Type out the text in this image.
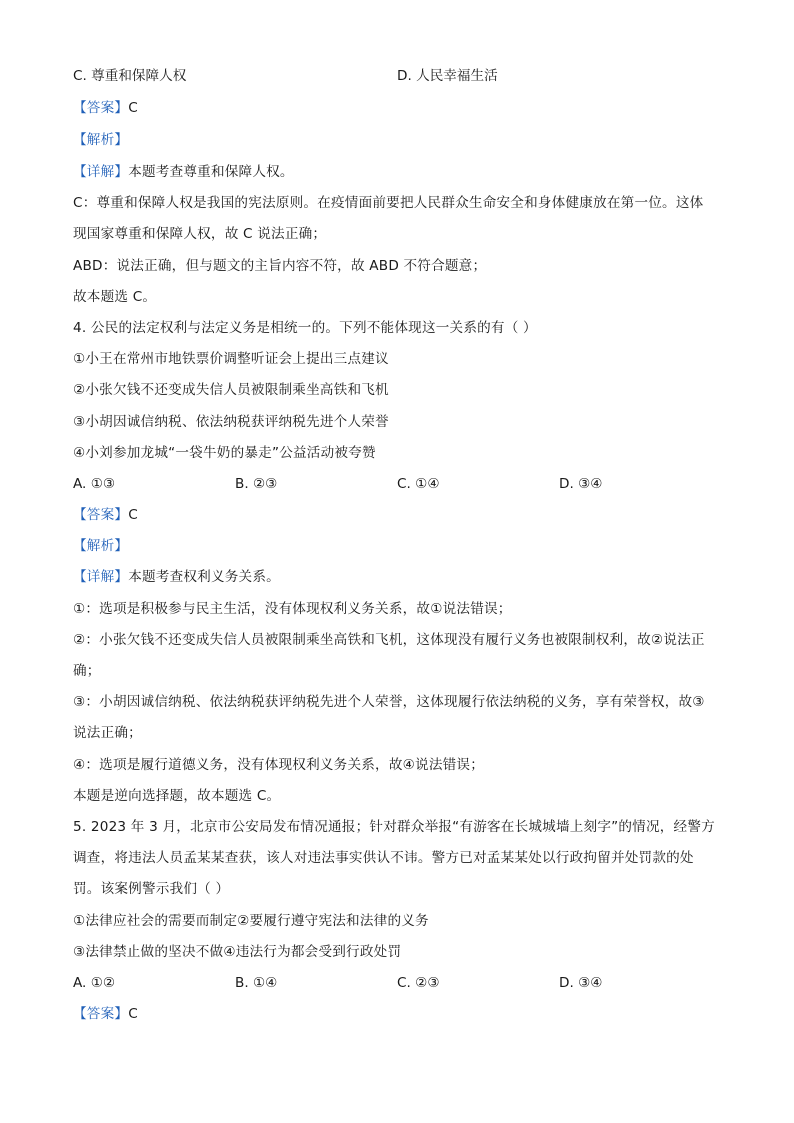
C. 尊重和保障人权	D. 人民幸福生活
【答案】C
【解析】
【详解】本题考查尊重和保障人权。
C：尊重和保障人权是我国的宪法原则。在疫情面前要把人民群众生命安全和身体健康放在第一位。这体
现国家尊重和保障人权，故 C 说法正确；
ABD：说法正确，但与题文的主旨内容不符，故 ABD 不符合题意；
故本题选 C。
4. 公民的法定权利与法定义务是相统一的。下列不能体现这一关系的有（ ）
①小王在常州市地铁票价调整听证会上提出三点建议
②小张欠钱不还变成失信人员被限制乘坐高铁和飞机
③小胡因诚信纳税、依法纳税获评纳税先进个人荣誉
④小刘参加龙城“一袋牛奶的暴走”公益活动被夸赞
A. ①③	B. ②③	C. ①④	D. ③④
【答案】C
【解析】
【详解】本题考查权利义务关系。
①：选项是积极参与民主生活，没有体现权利义务关系，故①说法错误；
②：小张欠钱不还变成失信人员被限制乘坐高铁和飞机，这体现没有履行义务也被限制权利，故②说法正
确；
③：小胡因诚信纳税、依法纳税获评纳税先进个人荣誉，这体现履行依法纳税的义务，享有荣誉权，故③
说法正确；
④：选项是履行道德义务，没有体现权利义务关系，故④说法错误；
本题是逆向选择题，故本题选 C。
5. 2023 年 3 月，北京市公安局发布情况通报；针对群众举报“有游客在长城城墙上刻字”的情况，经警方
调查，将违法人员孟某某查获，该人对违法事实供认不讳。警方已对孟某某处以行政拘留并处罚款的处
罚。该案例警示我们（ ）
①法律应社会的需要而制定②要履行遵守宪法和法律的义务
③法律禁止做的坚决不做④违法行为都会受到行政处罚
A. ①②	B. ①④	C. ②③	D. ③④
【答案】C
